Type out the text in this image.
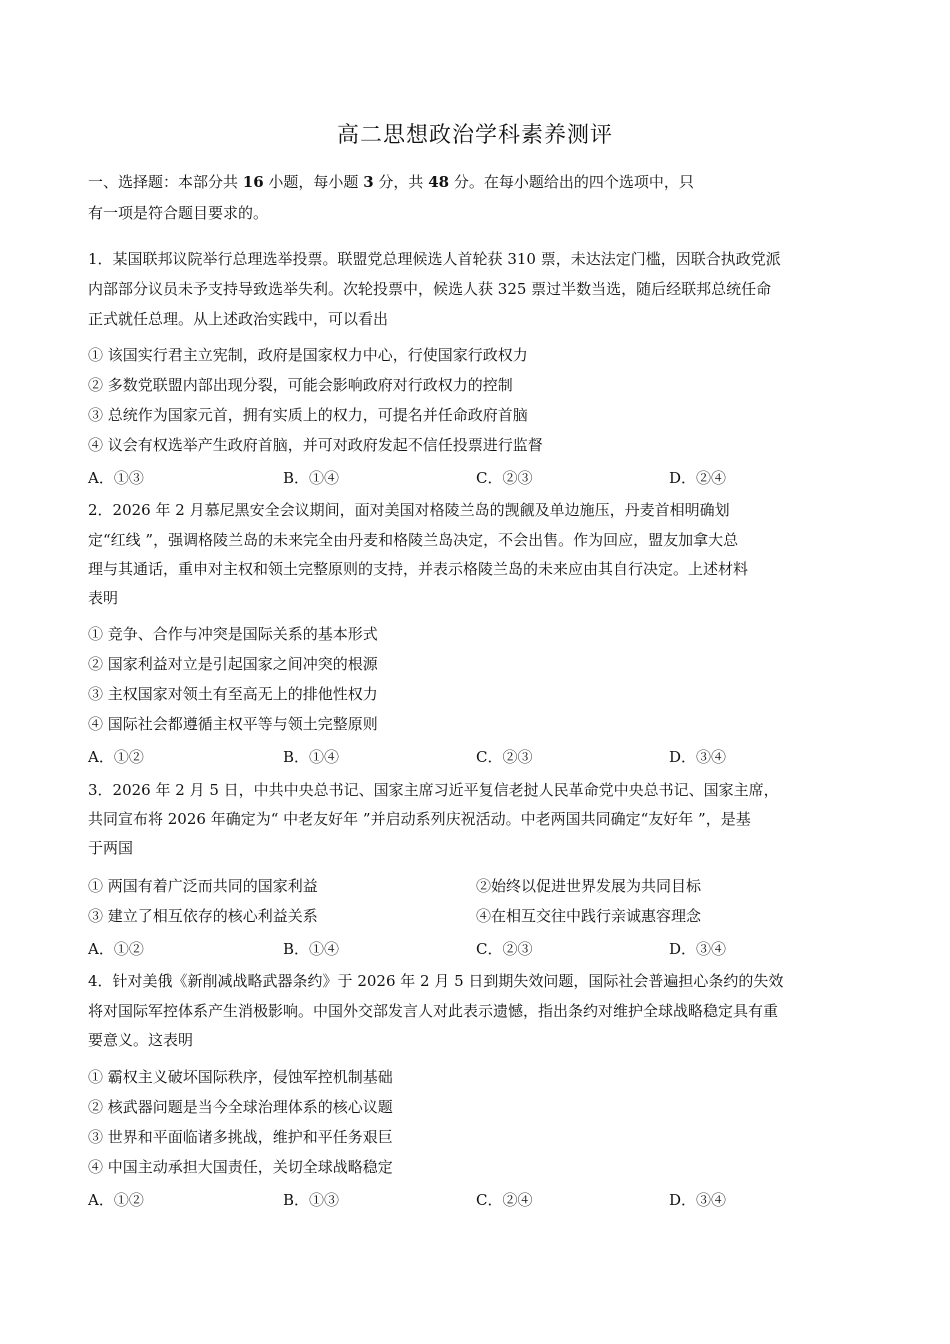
高二思想政治学科素养测评
一、选择题：本部分共 16 小题，每小题 3 分，共 48 分。在每小题给出的四个选项中，只
有一项是符合题目要求的。
1．某国联邦议院举行总理选举投票。联盟党总理候选人首轮获 310 票，未达法定门槛，因联合执政党派
内部部分议员未予支持导致选举失利。次轮投票中，候选人获 325 票过半数当选，随后经联邦总统任命
正式就任总理。从上述政治实践中，可以看出
① 该国实行君主立宪制，政府是国家权力中心，行使国家行政权力
② 多数党联盟内部出现分裂，可能会影响政府对行政权力的控制
③ 总统作为国家元首，拥有实质上的权力，可提名并任命政府首脑
④ 议会有权选举产生政府首脑，并可对政府发起不信任投票进行监督
A．①③	B．①④	C．②③	D．②④
2．2026 年 2 月慕尼黑安全会议期间，面对美国对格陵兰岛的觊觎及单边施压，丹麦首相明确划
定“红线 ”，强调格陵兰岛的未来完全由丹麦和格陵兰岛决定，不会出售。作为回应，盟友加拿大总
理与其通话，重申对主权和领土完整原则的支持，并表示格陵兰岛的未来应由其自行决定。上述材料
表明
① 竞争、合作与冲突是国际关系的基本形式
② 国家利益对立是引起国家之间冲突的根源
③ 主权国家对领土有至高无上的排他性权力
④ 国际社会都遵循主权平等与领土完整原则
A．①②	B．①④	C．②③	D．③④
3．2026 年 2 月 5 日，中共中央总书记、国家主席习近平复信老挝人民革命党中央总书记、国家主席，
共同宣布将 2026 年确定为“ 中老友好年 ”并启动系列庆祝活动。中老两国共同确定“友好年 ”，是基
于两国
① 两国有着广泛而共同的国家利益	②始终以促进世界发展为共同目标
③ 建立了相互依存的核心利益关系	④在相互交往中践行亲诚惠容理念
A．①②	B．①④	C．②③	D．③④
4．针对美俄《新削减战略武器条约》于 2026 年 2 月 5 日到期失效问题，国际社会普遍担心条约的失效
将对国际军控体系产生消极影响。中国外交部发言人对此表示遗憾，指出条约对维护全球战略稳定具有重
要意义。这表明
① 霸权主义破坏国际秩序，侵蚀军控机制基础
② 核武器问题是当今全球治理体系的核心议题
③ 世界和平面临诸多挑战，维护和平任务艰巨
④ 中国主动承担大国责任，关切全球战略稳定
A．①②	B．①③	C．②④	D．③④
